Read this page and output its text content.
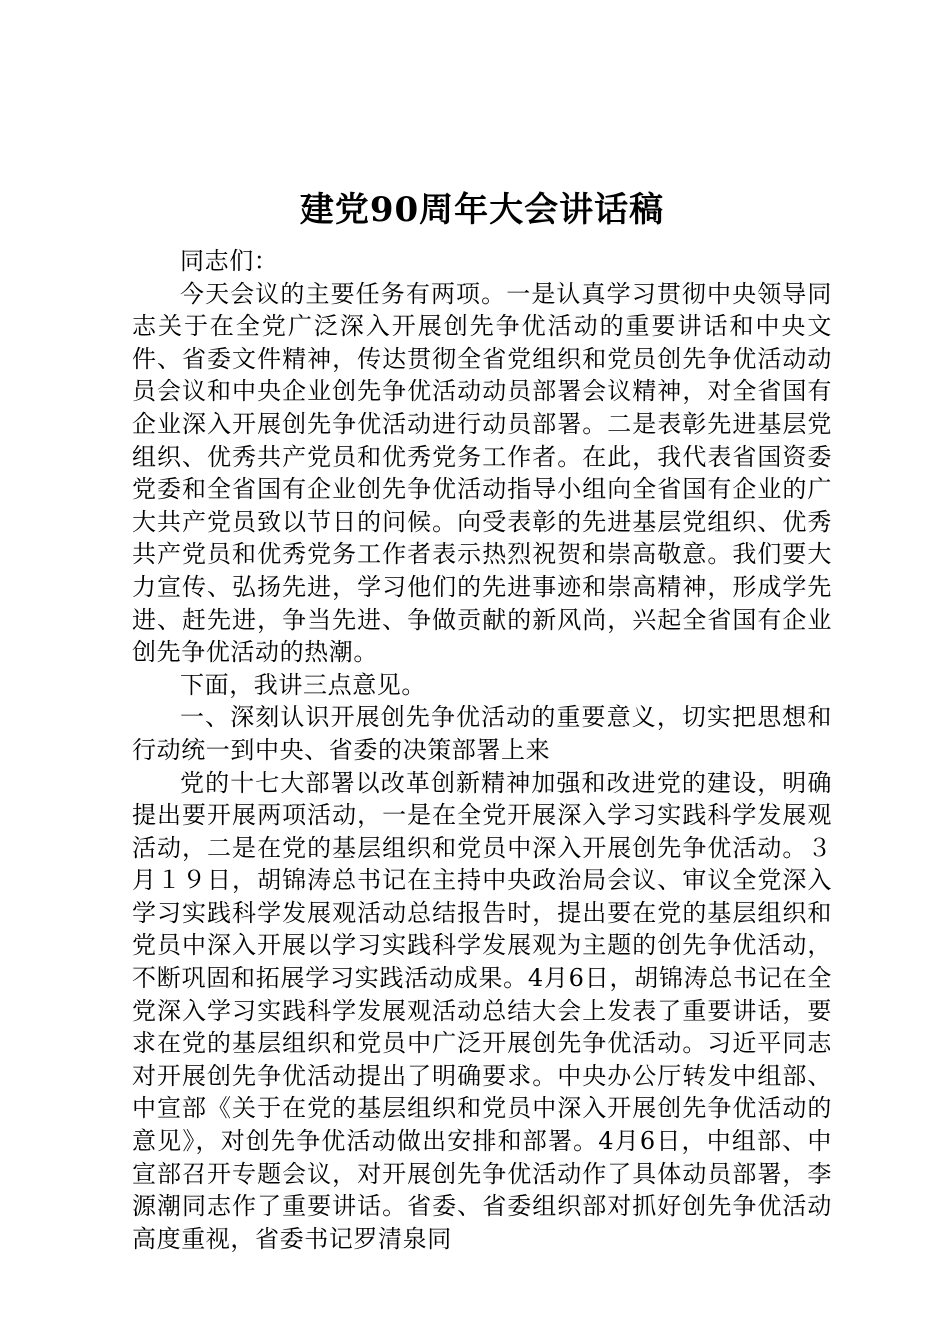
建党90周年大会讲话稿

同志们：

今天会议的主要任务有两项。一是认真学习贯彻中央领导同志关于在全党广泛深入开展创先争优活动的重要讲话和中央文件、省委文件精神，传达贯彻全省党组织和党员创先争优活动动员会议和中央企业创先争优活动动员部署会议精神，对全省国有企业深入开展创先争优活动进行动员部署。二是表彰先进基层党组织、优秀共产党员和优秀党务工作者。在此，我代表省国资委党委和全省国有企业创先争优活动指导小组向全省国有企业的广大共产党员致以节日的问候。向受表彰的先进基层党组织、优秀共产党员和优秀党务工作者表示热烈祝贺和崇高敬意。我们要大力宣传、弘扬先进，学习他们的先进事迹和崇高精神，形成学先进、赶先进，争当先进、争做贡献的新风尚，兴起全省国有企业创先争优活动的热潮。

下面，我讲三点意见。

一、深刻认识开展创先争优活动的重要意义，切实把思想和行动统一到中央、省委的决策部署上来

党的十七大部署以改革创新精神加强和改进党的建设，明确提出要开展两项活动，一是在全党开展深入学习实践科学发展观活动，二是在党的基层组织和党员中深入开展创先争优活动。３月１９日，胡锦涛总书记在主持中央政治局会议、审议全党深入学习实践科学发展观活动总结报告时，提出要在党的基层组织和党员中深入开展以学习实践科学发展观为主题的创先争优活动，不断巩固和拓展学习实践活动成果。4月6日，胡锦涛总书记在全党深入学习实践科学发展观活动总结大会上发表了重要讲话，要求在党的基层组织和党员中广泛开展创先争优活动。习近平同志对开展创先争优活动提出了明确要求。中央办公厅转发中组部、中宣部《关于在党的基层组织和党员中深入开展创先争优活动的意见》，对创先争优活动做出安排和部署。4月6日，中组部、中宣部召开专题会议，对开展创先争优活动作了具体动员部署，李源潮同志作了重要讲话。省委、省委组织部对抓好创先争优活动高度重视，省委书记罗清泉同
